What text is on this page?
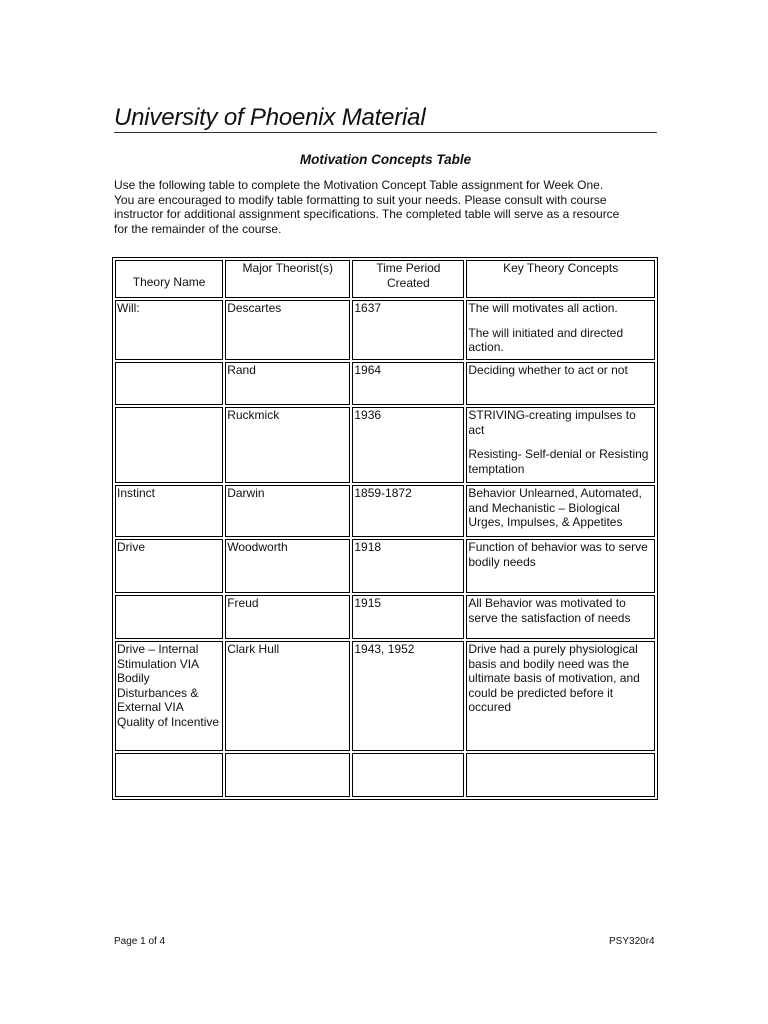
University of Phoenix Material
Motivation Concepts Table
Use the following table to complete the Motivation Concept Table assignment for Week One.
You are encouraged to modify table formatting to suit your needs. Please consult with course
instructor for additional assignment specifications. The completed table will serve as a resource
for the remainder of the course.
Theory Name	Major Theorist(s)	Time Period Created	Key Theory Concepts
Will:	Descartes	1637	The will motivates all action.

The will initiated and directed action.

	Rand	1964	Deciding whether to act or not

	Ruckmick	1936	STRIVING-creating impulses to act

Resisting- Self-denial or Resisting temptation

Instinct	Darwin	1859-1872	Behavior Unlearned, Automated, and Mechanistic – Biological Urges, Impulses, & Appetites

Drive	Woodworth	1918	Function of behavior was to serve bodily needs

	Freud	1915	All Behavior was motivated to serve the satisfaction of needs

Drive – Internal Stimulation VIA Bodily Disturbances & External VIA Quality of Incentive	Clark Hull	1943, 1952	Drive had a purely physiological basis and bodily need was the ultimate basis of motivation, and could be predicted before it occured

Page 1 of 4	PSY320r4
